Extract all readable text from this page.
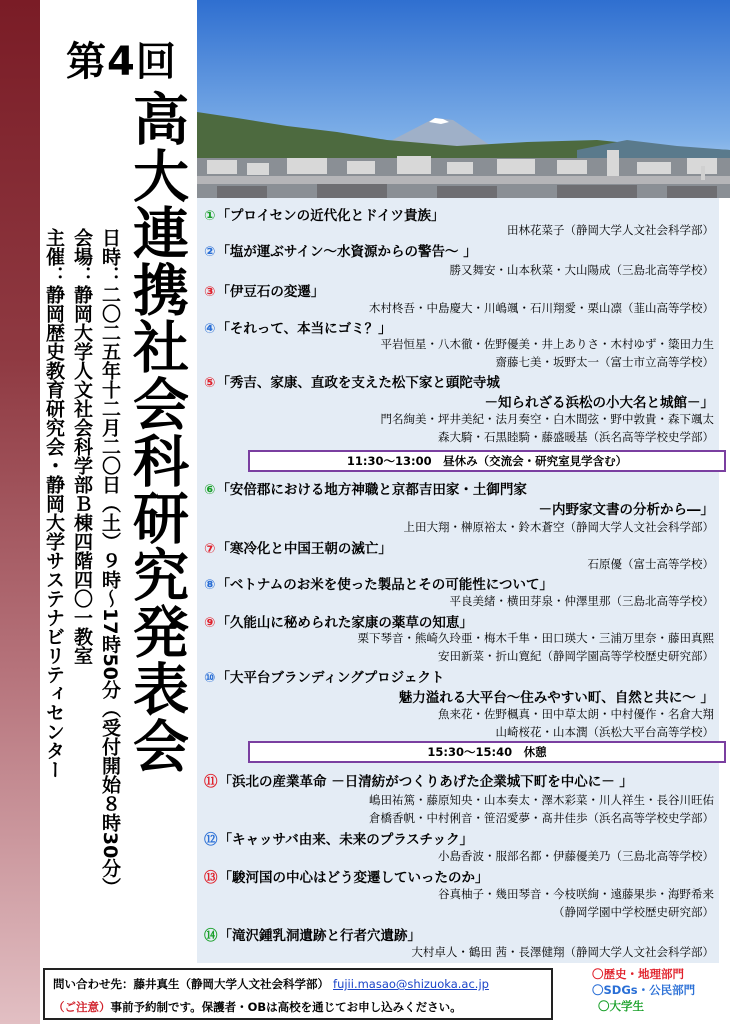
第4回
高大連携社会科研究発表会
日時：二〇二五年十二月二〇日（土）９時～17時50分（受付開始８時30分）
会場：静岡大学人文社会科学部Ｂ棟四階四〇一教室
主催：静岡歴史教育研究会・静岡大学サステナビリティセンター
①「プロイセンの近代化とドイツ貴族」
田林花菜子（静岡大学人文社会科学部）
②「塩が運ぶサイン～水資源からの警告～ 」
勝又舞安・山本秋菜・大山陽成（三島北高等学校）
③「伊豆石の変遷」
木村柊吾・中島慶大・川嶋颯・石川翔愛・栗山凛（韮山高等学校）
④「それって、本当にゴミ？」
平岩恒星・八木徹・佐野優美・井上ありさ・木村ゆず・簗田力生
齋藤七美・坂野太一（富士市立高等学校）
⑤「秀吉、家康、直政を支えた松下家と頭陀寺城
－知られざる浜松の小大名と城館－」
門名絢美・坪井美紀・法月奏空・白木間弦・野中敦貴・森下颯太
森大騎・石黒睦騎・藤盛暖基（浜名高等学校史学部）
11:30～13:00　昼休み（交流会・研究室見学含む）
⑥「安倍郡における地方神職と京都吉田家・土御門家
－内野家文書の分析から―」
上田大翔・榊原裕太・鈴木蒼空（静岡大学人文社会科学部）
⑦「寒冷化と中国王朝の滅亡」
石原優（富士高等学校）
⑧「ベトナムのお米を使った製品とその可能性について」
平良美緒・横田芽泉・仲澤里那（三島北高等学校）
⑨「久能山に秘められた家康の薬草の知恵」
栗下琴音・熊崎久玲亜・梅木千隼・田口瑛大・三浦万里奈・藤田真熙
安田新菜・折山寛紀（静岡学園高等学校歴史研究部）
⑩「大平台ブランディングプロジェクト
魅力溢れる大平台～住みやすい町、自然と共に～ 」
魚来花・佐野楓真・田中草太朗・中村優作・名倉大翔
山崎桜花・山本潤（浜松大平台高等学校）
15:30～15:40　休憩
⑪「浜北の産業革命 －日清紡がつくりあげた企業城下町を中心に－ 」
嶋田祐篤・藤原知央・山本奏太・澤木彩菜・川人祥生・長谷川旺佑
倉橋香帆・中村俐音・笹沼愛夢・髙井佳歩（浜名高等学校史学部）
⑫「キャッサバ由来、未来のプラスチック」
小島香波・服部名都・伊藤優美乃（三島北高等学校）
⑬「駿河国の中心はどう変遷していったのか」
谷真柚子・幾田琴音・今枝咲絢・遠藤果歩・海野希来
（静岡学園中学校歴史研究部）
⑭「滝沢鍾乳洞遺跡と行者穴遺跡」
大村卓人・鶴田 茜・長澤健翔（静岡大学人文社会科学部）
問い合わせ先：藤井真生（静岡大学人文社会科学部） fujii.masao@shizuoka.ac.jp
（ご注意）事前予約制です。保護者・OBは高校を通じてお申し込みください。
〇歴史・地理部門
〇SDGs・公民部門
〇大学生
